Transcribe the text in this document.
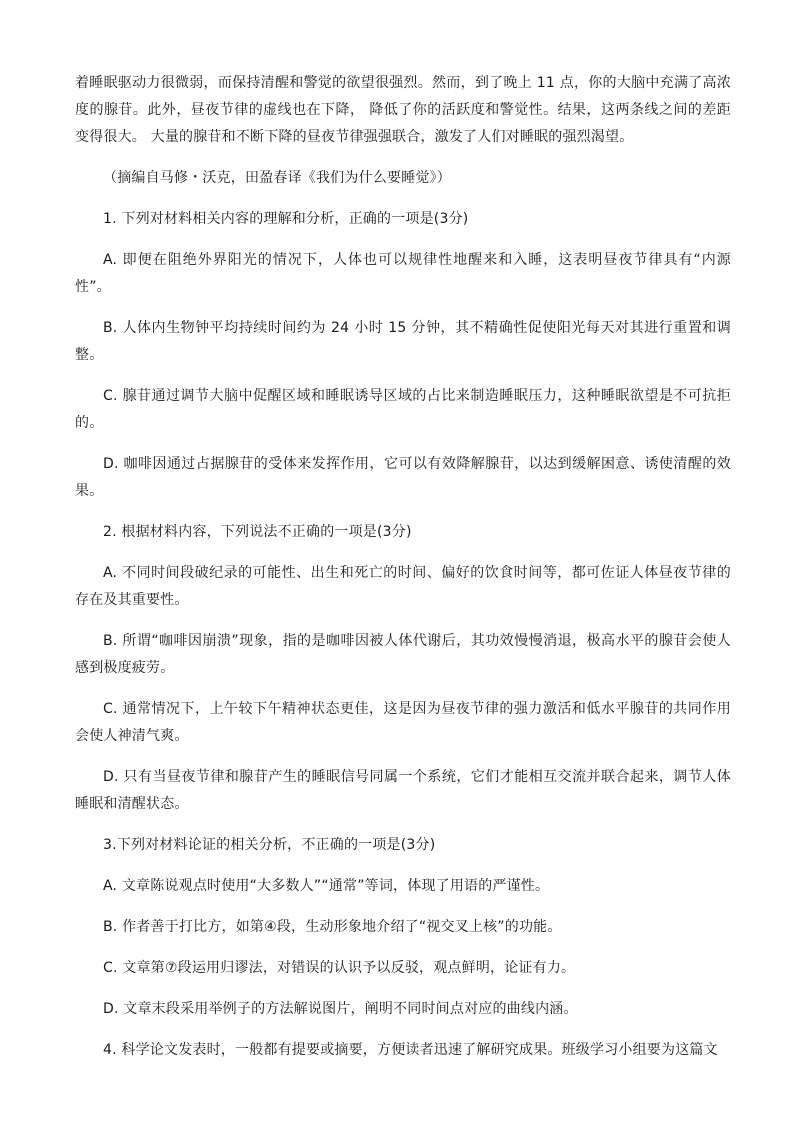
着睡眠驱动力很微弱，而保持清醒和警觉的欲望很强烈。然而，到了晚上 11 点，你的大脑中充满了高浓度的腺苷。此外，昼夜节律的虚线也在下降， 降低了你的活跃度和警觉性。结果，这两条线之间的差距变得很大。 大量的腺苷和不断下降的昼夜节律强强联合，激发了人们对睡眠的强烈渴望。

（摘编自马修・沃克，田盈春译《我们为什么要睡觉》）

1. 下列对材料相关内容的理解和分析，正确的一项是(3分)

A. 即便在阻绝外界阳光的情况下，人体也可以规律性地醒来和入睡，这表明昼夜节律具有“内源性”。

B. 人体内生物钟平均持续时间约为 24 小时 15 分钟，其不精确性促使阳光每天对其进行重置和调整。

C. 腺苷通过调节大脑中促醒区域和睡眠诱导区域的占比来制造睡眠压力，这种睡眠欲望是不可抗拒的。

D. 咖啡因通过占据腺苷的受体来发挥作用，它可以有效降解腺苷，以达到缓解困意、诱使清醒的效果。

2. 根据材料内容，下列说法不正确的一项是(3分)

A. 不同时间段破纪录的可能性、出生和死亡的时间、偏好的饮食时间等，都可佐证人体昼夜节律的存在及其重要性。

B. 所谓“咖啡因崩溃”现象，指的是咖啡因被人体代谢后，其功效慢慢消退，极高水平的腺苷会使人感到极度疲劳。

C. 通常情况下，上午较下午精神状态更佳，这是因为昼夜节律的强力激活和低水平腺苷的共同作用会使人神清气爽。

D. 只有当昼夜节律和腺苷产生的睡眠信号同属一个系统，它们才能相互交流并联合起来，调节人体睡眠和清醒状态。

3.下列对材料论证的相关分析，不正确的一项是(3分)

A. 文章陈说观点时使用“大多数人”“通常”等词，体现了用语的严谨性。

B. 作者善于打比方，如第④段，生动形象地介绍了“视交叉上核”的功能。

C. 文章第⑦段运用归谬法，对错误的认识予以反驳，观点鲜明，论证有力。

D. 文章末段采用举例子的方法解说图片，阐明不同时间点对应的曲线内涵。

4. 科学论文发表时，一般都有提要或摘要，方便读者迅速了解研究成果。班级学习小组要为这篇文
